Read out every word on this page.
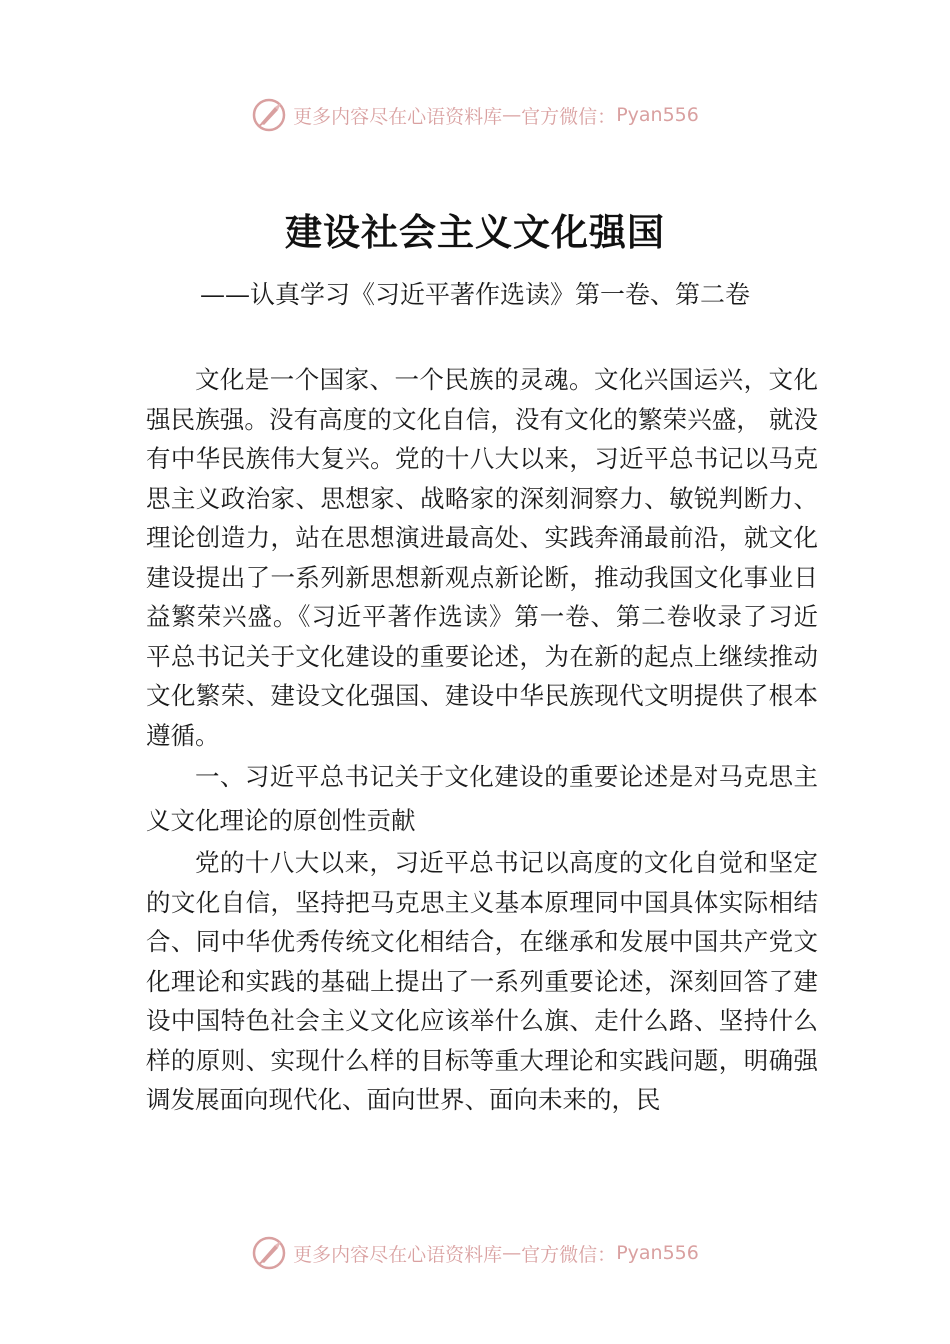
更多内容尽在心语资料库 — 官方微信： Pyan556
建设社会主义文化强国
——认真学习《习近平著作选读》第一卷、第二卷

文化是一个国家、一个民族的灵魂。文化兴国运兴，文化强民族强。没有高度的文化自信，没有文化的繁荣兴盛， 就没有中华民族伟大复兴。党的十八大以来，习近平总书记以马克思主义政治家、思想家、战略家的深刻洞察力、敏锐判断力、理论创造力，站在思想演进最高处、实践奔涌最前沿，就文化建设提出了一系列新思想新观点新论断，推动我国文化事业日益繁荣兴盛。《习近平著作选读》第一卷、第二卷收录了习近平总书记关于文化建设的重要论述，为在新的起点上继续推动文化繁荣、建设文化强国、建设中华民族现代文明提供了根本遵循。

一、习近平总书记关于文化建设的重要论述是对马克思主义文化理论的原创性贡献

党的十八大以来，习近平总书记以高度的文化自觉和坚定的文化自信，坚持把马克思主义基本原理同中国具体实际相结合、同中华优秀传统文化相结合，在继承和发展中国共产党文化理论和实践的基础上提出了一系列重要论述，深刻回答了建设中国特色社会主义文化应该举什么旗、走什么路、坚持什么样的原则、实现什么样的目标等重大理论和实践问题，明确强调发展面向现代化、面向世界、面向未来的，民

更多内容尽在心语资料库 — 官方微信： Pyan556
